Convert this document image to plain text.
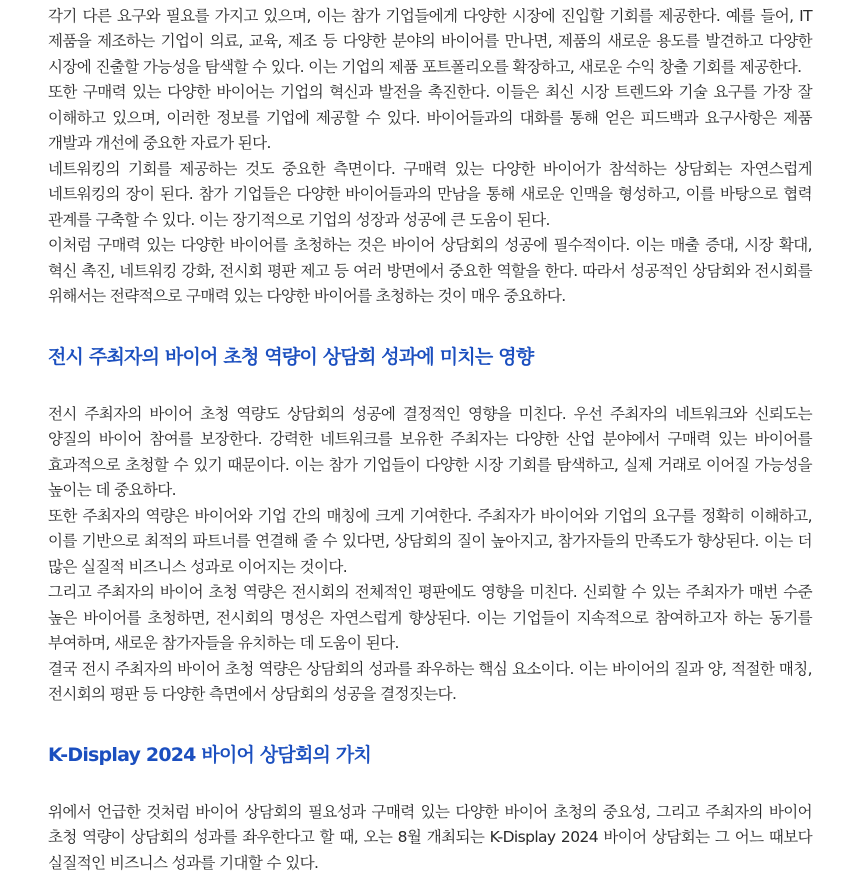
각기 다른 요구와 필요를 가지고 있으며, 이는 참가 기업들에게 다양한 시장에 진입할 기회를 제공한다. 예를 들어, IT 제품을 제조하는 기업이 의료, 교육, 제조 등 다양한 분야의 바이어를 만나면, 제품의 새로운 용도를 발견하고 다양한 시장에 진출할 가능성을 탐색할 수 있다. 이는 기업의 제품 포트폴리오를 확장하고, 새로운 수익 창출 기회를 제공한다.

또한 구매력 있는 다양한 바이어는 기업의 혁신과 발전을 촉진한다. 이들은 최신 시장 트렌드와 기술 요구를 가장 잘 이해하고 있으며, 이러한 정보를 기업에 제공할 수 있다. 바이어들과의 대화를 통해 얻은 피드백과 요구사항은 제품 개발과 개선에 중요한 자료가 된다.

네트워킹의 기회를 제공하는 것도 중요한 측면이다. 구매력 있는 다양한 바이어가 참석하는 상담회는 자연스럽게 네트워킹의 장이 된다. 참가 기업들은 다양한 바이어들과의 만남을 통해 새로운 인맥을 형성하고, 이를 바탕으로 협력 관계를 구축할 수 있다. 이는 장기적으로 기업의 성장과 성공에 큰 도움이 된다.

이처럼 구매력 있는 다양한 바이어를 초청하는 것은 바이어 상담회의 성공에 필수적이다. 이는 매출 증대, 시장 확대, 혁신 촉진, 네트워킹 강화, 전시회 평판 제고 등 여러 방면에서 중요한 역할을 한다. 따라서 성공적인 상담회와 전시회를 위해서는 전략적으로 구매력 있는 다양한 바이어를 초청하는 것이 매우 중요하다.

전시 주최자의 바이어 초청 역량이 상담회 성과에 미치는 영향

전시 주최자의 바이어 초청 역량도 상담회의 성공에 결정적인 영향을 미친다. 우선 주최자의 네트워크와 신뢰도는 양질의 바이어 참여를 보장한다. 강력한 네트워크를 보유한 주최자는 다양한 산업 분야에서 구매력 있는 바이어를 효과적으로 초청할 수 있기 때문이다. 이는 참가 기업들이 다양한 시장 기회를 탐색하고, 실제 거래로 이어질 가능성을 높이는 데 중요하다.

또한 주최자의 역량은 바이어와 기업 간의 매칭에 크게 기여한다. 주최자가 바이어와 기업의 요구를 정확히 이해하고, 이를 기반으로 최적의 파트너를 연결해 줄 수 있다면, 상담회의 질이 높아지고, 참가자들의 만족도가 향상된다. 이는 더 많은 실질적 비즈니스 성과로 이어지는 것이다.

그리고 주최자의 바이어 초청 역량은 전시회의 전체적인 평판에도 영향을 미친다. 신뢰할 수 있는 주최자가 매번 수준 높은 바이어를 초청하면, 전시회의 명성은 자연스럽게 향상된다. 이는 기업들이 지속적으로 참여하고자 하는 동기를 부여하며, 새로운 참가자들을 유치하는 데 도움이 된다.

결국 전시 주최자의 바이어 초청 역량은 상담회의 성과를 좌우하는 핵심 요소이다. 이는 바이어의 질과 양, 적절한 매칭, 전시회의 평판 등 다양한 측면에서 상담회의 성공을 결정짓는다.

K-Display 2024 바이어 상담회의 가치

위에서 언급한 것처럼 바이어 상담회의 필요성과 구매력 있는 다양한 바이어 초청의 중요성, 그리고 주최자의 바이어 초청 역량이 상담회의 성과를 좌우한다고 할 때, 오는 8월 개최되는 K-Display 2024 바이어 상담회는 그 어느 때보다 실질적인 비즈니스 성과를 기대할 수 있다.
